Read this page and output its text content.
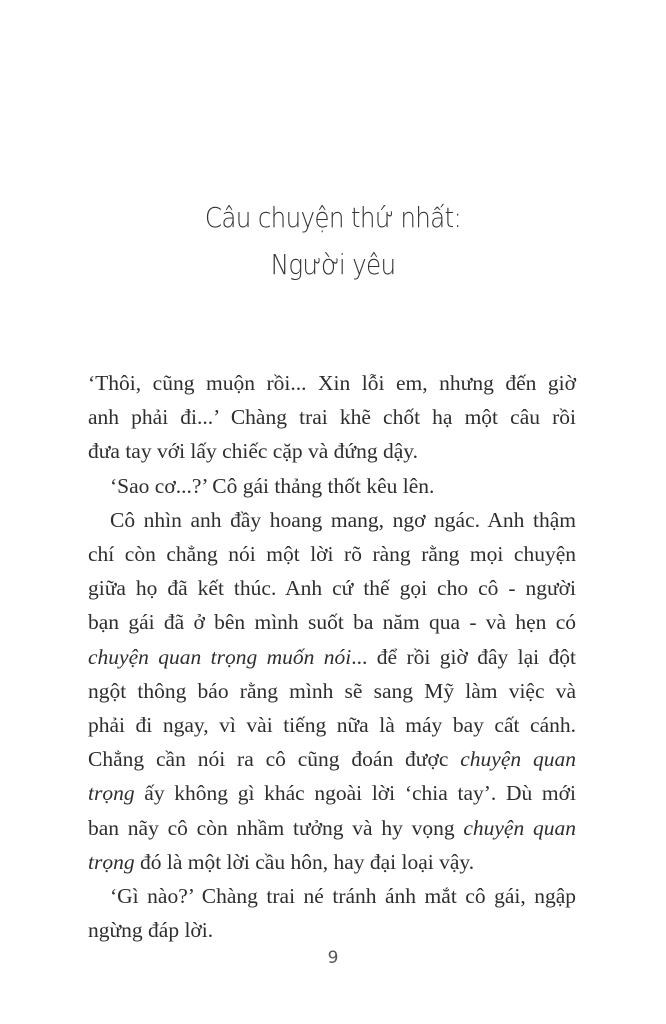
Câu chuyện thứ nhất:
Người yêu
‘Thôi, cũng muộn rồi... Xin lỗi em, nhưng đến giờ
anh phải đi...’ Chàng trai khẽ chốt hạ một câu rồi
đưa tay với lấy chiếc cặp và đứng dậy.
‘Sao cơ...?’ Cô gái thảng thốt kêu lên.
Cô nhìn anh đầy hoang mang, ngơ ngác. Anh thậm
chí còn chẳng nói một lời rõ ràng rằng mọi chuyện
giữa họ đã kết thúc. Anh cứ thế gọi cho cô - người
bạn gái đã ở bên mình suốt ba năm qua - và hẹn có
chuyện quan trọng muốn nói... để rồi giờ đây lại đột
ngột thông báo rằng mình sẽ sang Mỹ làm việc và
phải đi ngay, vì vài tiếng nữa là máy bay cất cánh.
Chẳng cần nói ra cô cũng đoán được chuyện quan
trọng ấy không gì khác ngoài lời ‘chia tay’. Dù mới
ban nãy cô còn nhầm tưởng và hy vọng chuyện quan
trọng đó là một lời cầu hôn, hay đại loại vậy.
‘Gì nào?’ Chàng trai né tránh ánh mắt cô gái, ngập
ngừng đáp lời.
9
